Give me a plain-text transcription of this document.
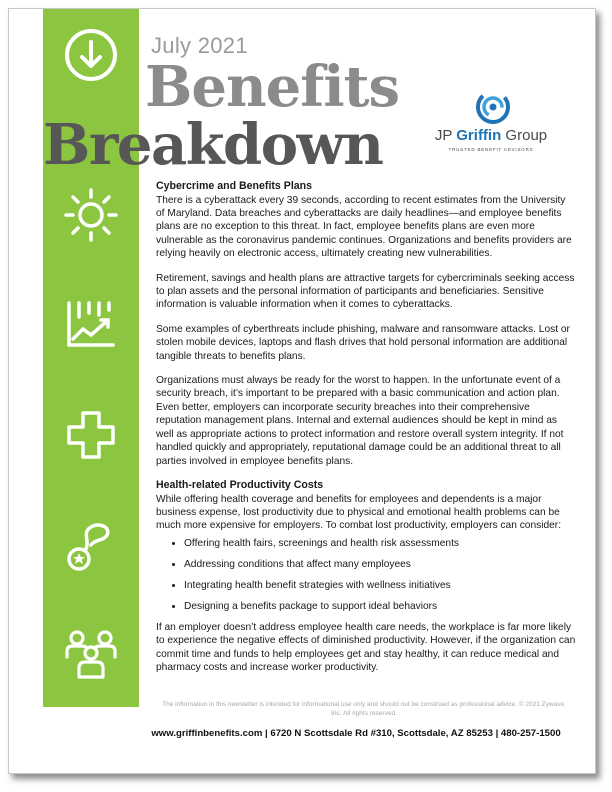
July 2021
Benefits
Breakdown	JP Griffin Group
TRUSTED BENEFIT ADVISORS
Cybercrime and Benefits Plans

There is a cyberattack every 39 seconds, according to recent estimates from the University of Maryland. Data breaches and cyberattacks are daily headlines—and employee benefits plans are no exception to this threat. In fact, employee benefits plans are even more vulnerable as the coronavirus pandemic continues. Organizations and benefits providers are relying heavily on electronic access, ultimately creating new vulnerabilities.

Retirement, savings and health plans are attractive targets for cybercriminals seeking access to plan assets and the personal information of participants and beneficiaries. Sensitive information is valuable information when it comes to cyberattacks.

Some examples of cyberthreats include phishing, malware and ransomware attacks. Lost or stolen mobile devices, laptops and flash drives that hold personal information are additional tangible threats to benefits plans.

Organizations must always be ready for the worst to happen. In the unfortunate event of a security breach, it’s important to be prepared with a basic communication and action plan. Even better, employers can incorporate security breaches into their comprehensive reputation management plans. Internal and external audiences should be kept in mind as well as appropriate actions to protect information and restore overall system integrity. If not handled quickly and appropriately, reputational damage could be an additional threat to all parties involved in employee benefits plans.

Health-related Productivity Costs

While offering health coverage and benefits for employees and dependents is a major business expense, lost productivity due to physical and emotional health problems can be much more expensive for employers. To combat lost productivity, employers can consider:

• Offering health fairs, screenings and health risk assessments
• Addressing conditions that affect many employees
• Integrating health benefit strategies with wellness initiatives
• Designing a benefits package to support ideal behaviors

If an employer doesn’t address employee health care needs, the workplace is far more likely to experience the negative effects of diminished productivity. However, if the organization can commit time and funds to help employees get and stay healthy, it can reduce medical and pharmacy costs and increase worker productivity.

The information in this newsletter is intended for informational use only and should not be construed as professional advice. © 2021 Zywave, Inc. All rights reserved.
www.griffinbenefits.com | 6720 N Scottsdale Rd #310, Scottsdale, AZ 85253 | 480-257-1500
